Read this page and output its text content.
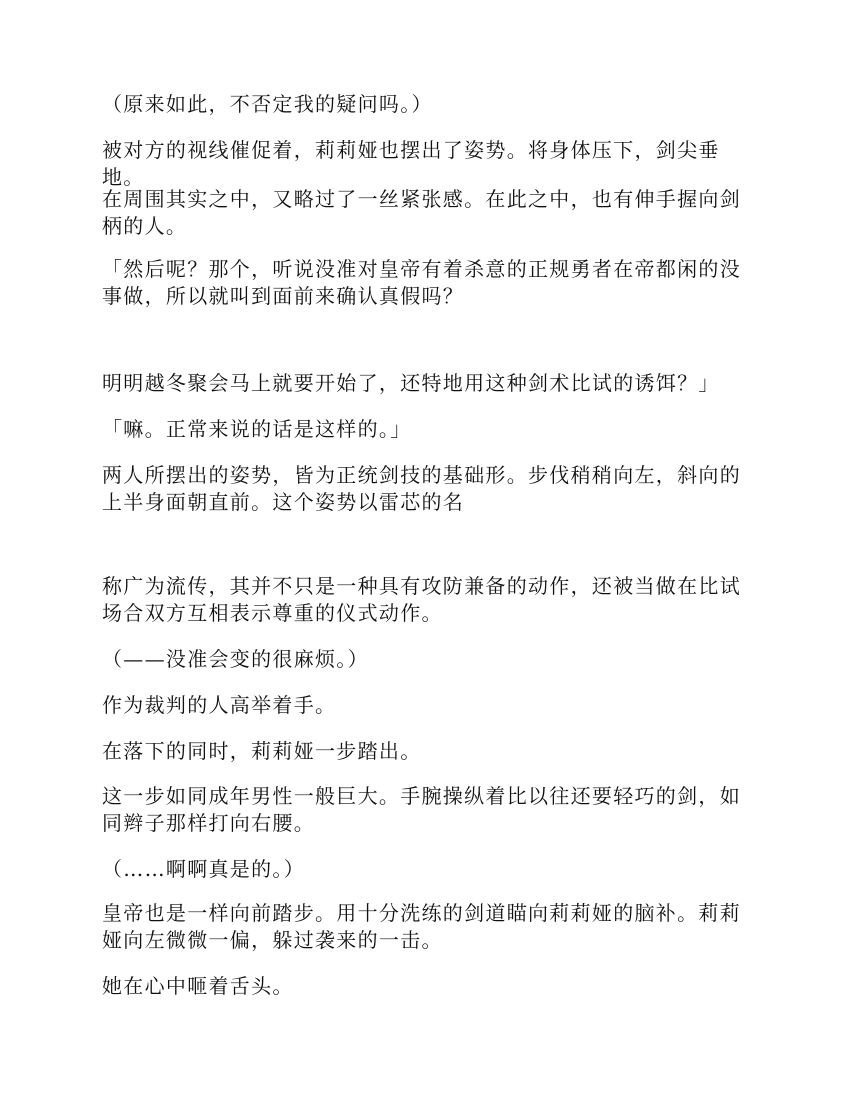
（原来如此，不否定我的疑问吗。）

被对方的视线催促着，莉莉娅也摆出了姿势。将身体压下，剑尖垂地。

在周围其实之中，又略过了一丝紧张感。在此之中，也有伸手握向剑柄的人。

「然后呢？那个，听说没准对皇帝有着杀意的正规勇者在帝都闲的没事做，所以就叫到面前来确认真假吗？

明明越冬聚会马上就要开始了，还特地用这种剑术比试的诱饵？」

「嘛。正常来说的话是这样的。」

两人所摆出的姿势，皆为正统剑技的基础形。步伐稍稍向左，斜向的上半身面朝直前。这个姿势以雷芯的名

称广为流传，其并不只是一种具有攻防兼备的动作，还被当做在比试场合双方互相表示尊重的仪式动作。

（——没准会变的很麻烦。）

作为裁判的人高举着手。

在落下的同时，莉莉娅一步踏出。

这一步如同成年男性一般巨大。手腕操纵着比以往还要轻巧的剑，如同辫子那样打向右腰。

（……啊啊真是的。）

皇帝也是一样向前踏步。用十分洗练的剑道瞄向莉莉娅的脑补。莉莉娅向左微微一偏，躲过袭来的一击。

她在心中咂着舌头。
